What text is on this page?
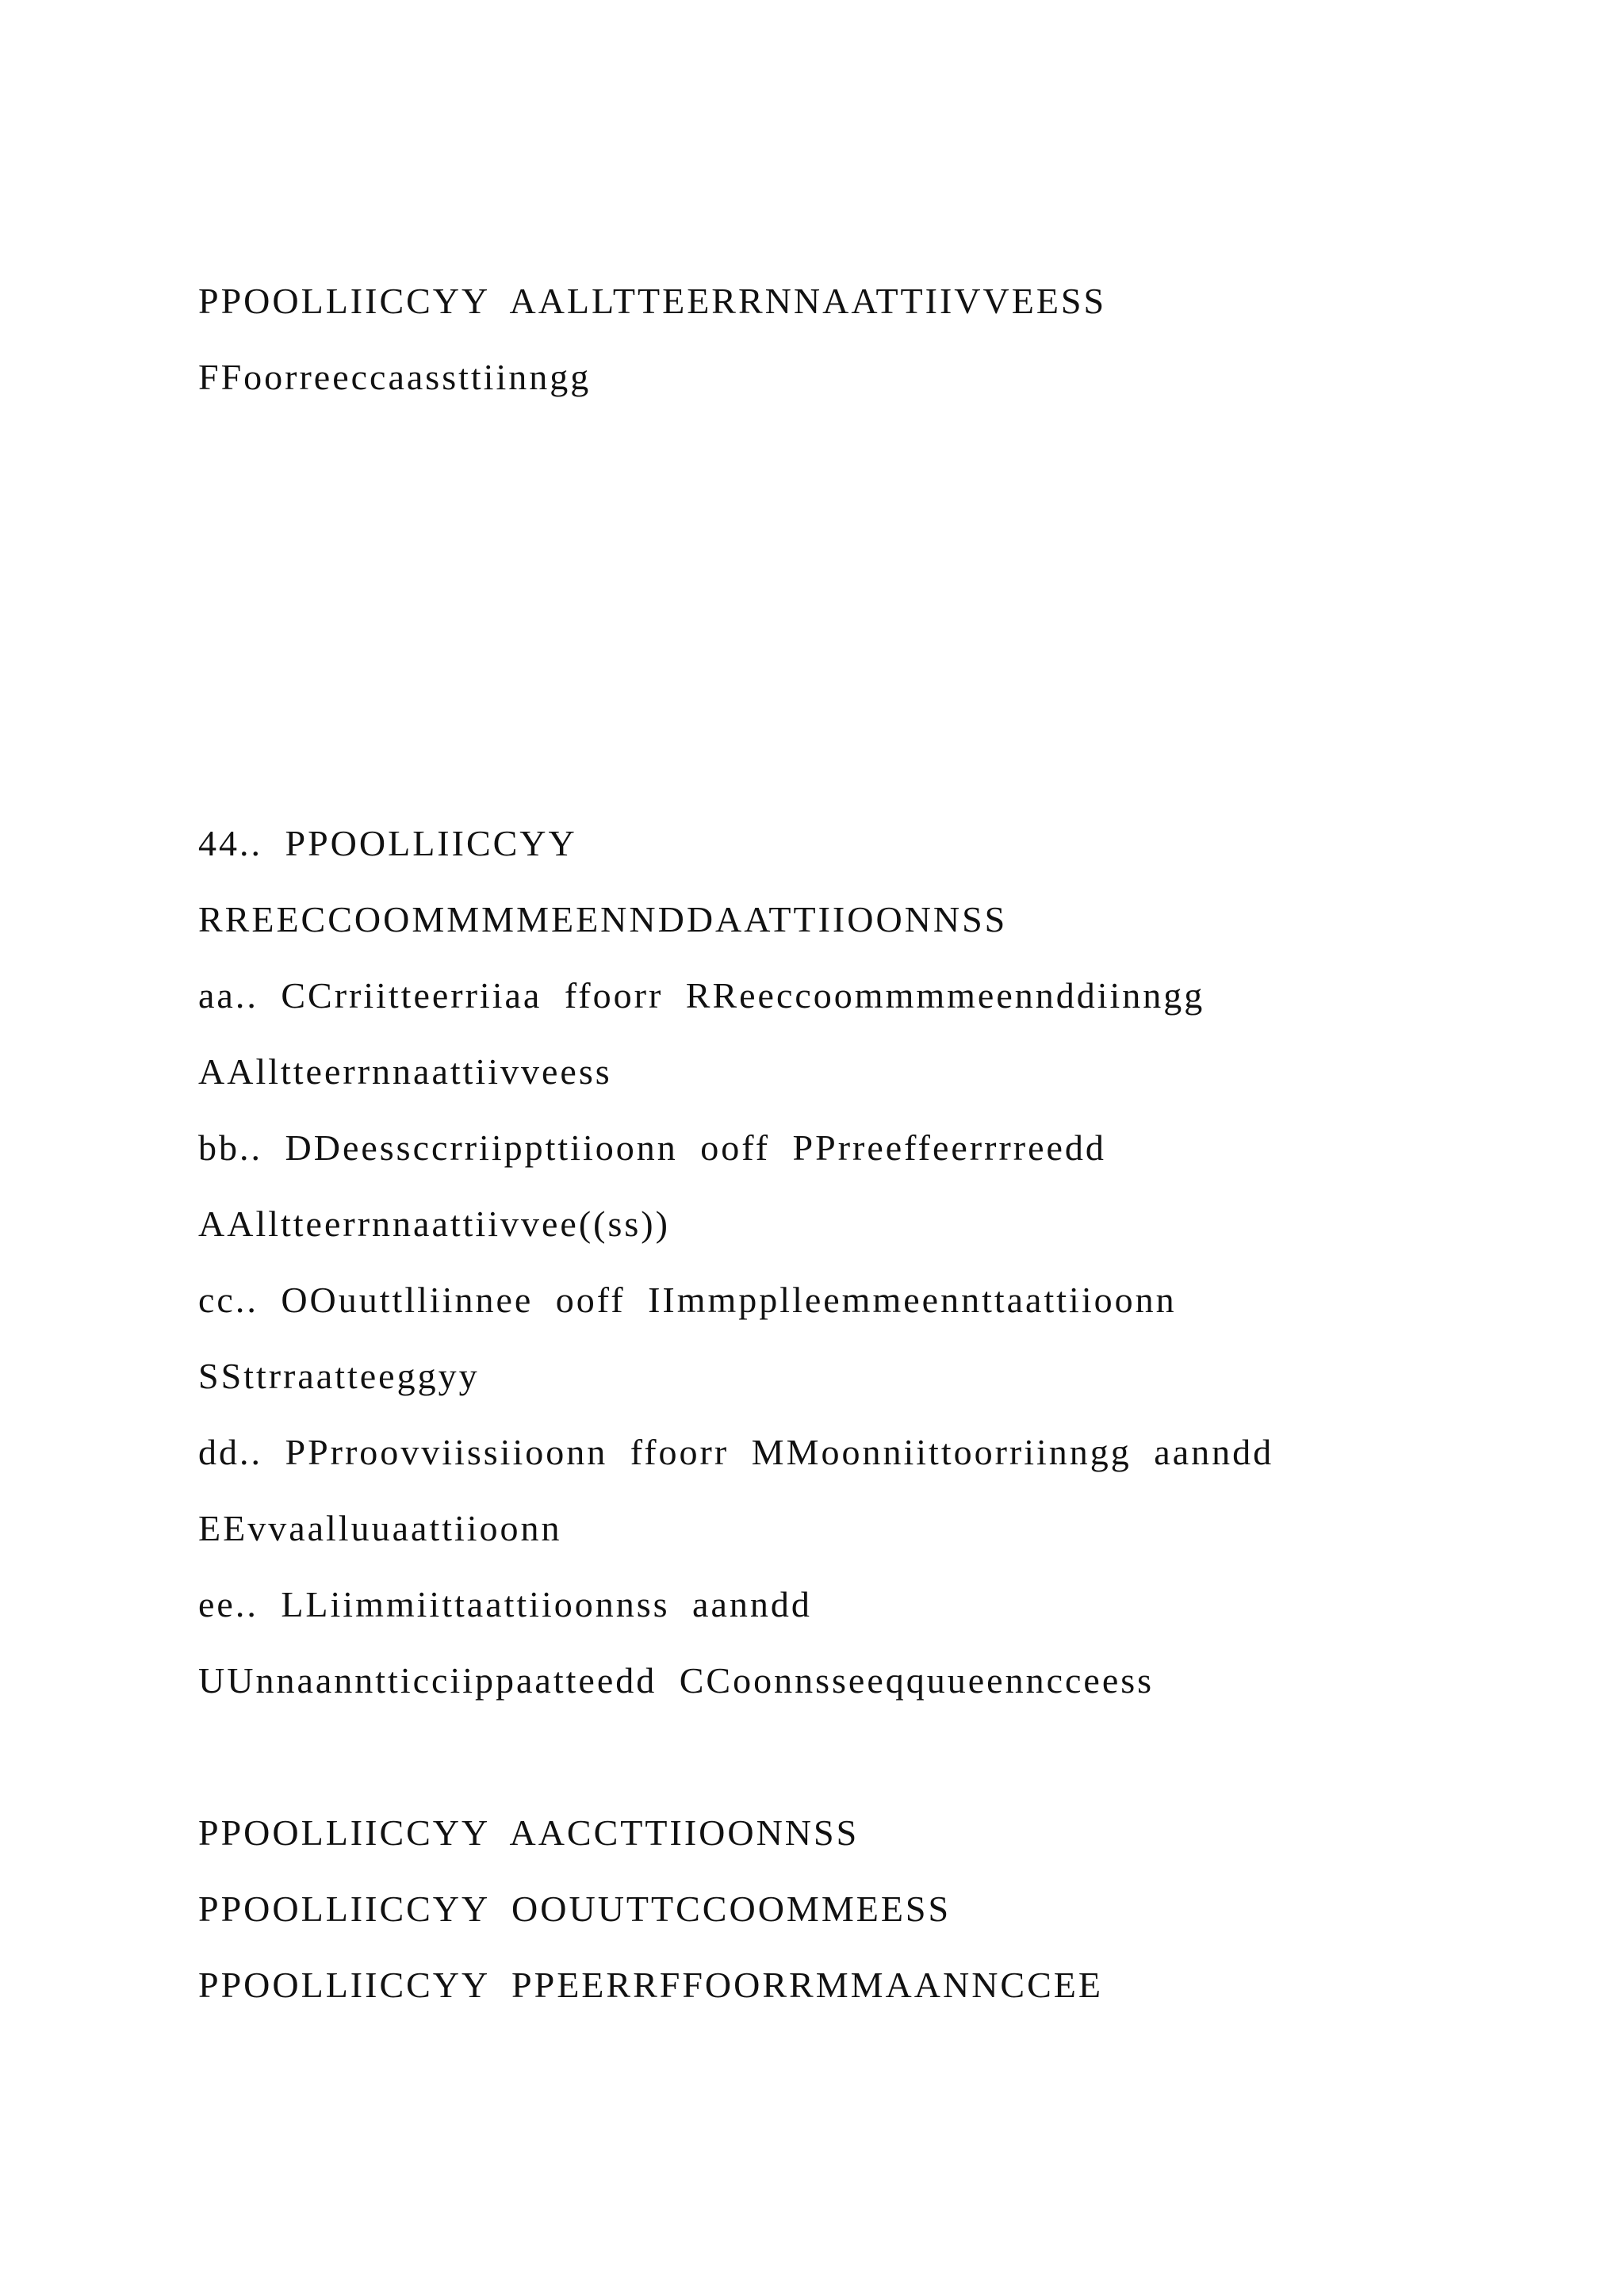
PPOOLLIICCYY AALLTTEERRNNAATTIIVVEESS

FFoorreeccaassttiinngg

44.. PPOOLLIICCYY

RREECCOOMMMMEENNDDAATTIIOONNSS

aa.. CCrriitteerriiaa ffoorr RReeccoommmmeennddiinngg

AAlltteerrnnaattiivveess

bb.. DDeessccrriippttiioonn ooff PPrreeffeerrrreedd

AAlltteerrnnaattiivvee((ss))

cc.. OOuuttlliinnee ooff IImmpplleemmeennttaattiioonn

SSttrraatteeggyy

dd.. PPrroovviissiioonn ffoorr MMoonniittoorriinngg aanndd

EEvvaalluuaattiioonn

ee.. LLiimmiittaattiioonnss aanndd

UUnnaanntticciippaatteedd CCoonnsseeqquueenncceess

PPOOLLIICCYY AACCTTIIOONNSS

PPOOLLIICCYY OOUUTTCCOOMMEESS

PPOOLLIICCYY PPEERRFFOORRMMAANNCCEE
